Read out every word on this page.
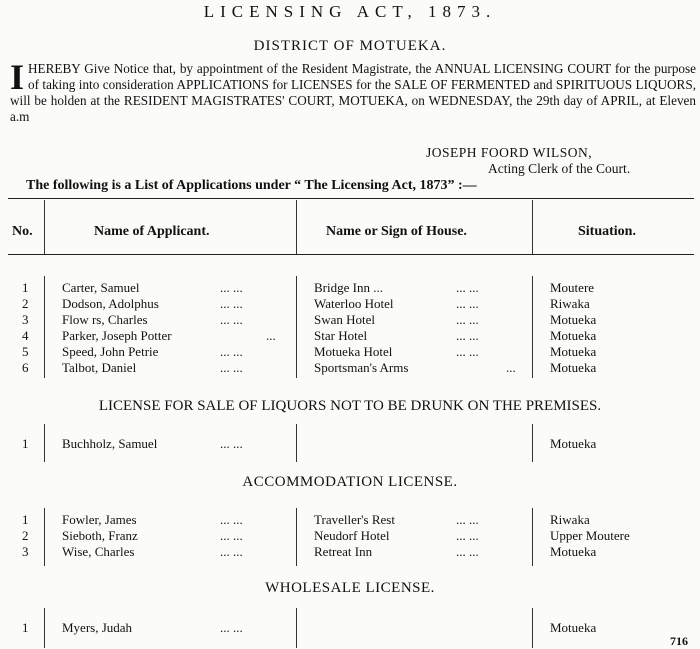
LICENSING ACT, 1873.
DISTRICT OF MOTUEKA.
I HEREBY Give Notice that, by appointment of the Resident Magistrate, the ANNUAL LICENSING COURT for the purpose of taking into consideration APPLICATIONS for LICENSES for the SALE OF FERMENTED and SPIRITUOUS LIQUORS, will be holden at the RESIDENT MAGISTRATES' COURT, MOTUEKA, on WEDNESDAY, the 29th day of APRIL, at Eleven a.m
JOSEPH FOORD WILSON,
Acting Clerk of the Court.
The following is a List of Applications under “ The Licensing Act, 1873” :—
No.	Name of Applicant.	Name or Sign of House.	Situation.
1	Carter, Samuel	... ...	Bridge Inn ...	... ...	Moutere
2	Dodson, Adolphus	... ...	Waterloo Hotel	... ...	Riwaka
3	Flow rs, Charles	... ...	Swan Hotel	... ...	Motueka
4	Parker, Joseph Potter	...	Star Hotel	... ...	Motueka
5	Speed, John Petrie	... ...	Motueka Hotel	... ...	Motueka
6	Talbot, Daniel	... ...	Sportsman's Arms	...	Motueka
LICENSE FOR SALE OF LIQUORS NOT TO BE DRUNK ON THE PREMISES.
1	Buchholz, Samuel	... ...	Motueka
ACCOMMODATION LICENSE.
1	Fowler, James	... ...	Traveller's Rest	... ...	Riwaka
2	Sieboth, Franz	... ...	Neudorf Hotel	... ...	Upper Moutere
3	Wise, Charles	... ...	Retreat Inn	... ...	Motueka
WHOLESALE LICENSE.
1	Myers, Judah	... ...	Motueka
716
